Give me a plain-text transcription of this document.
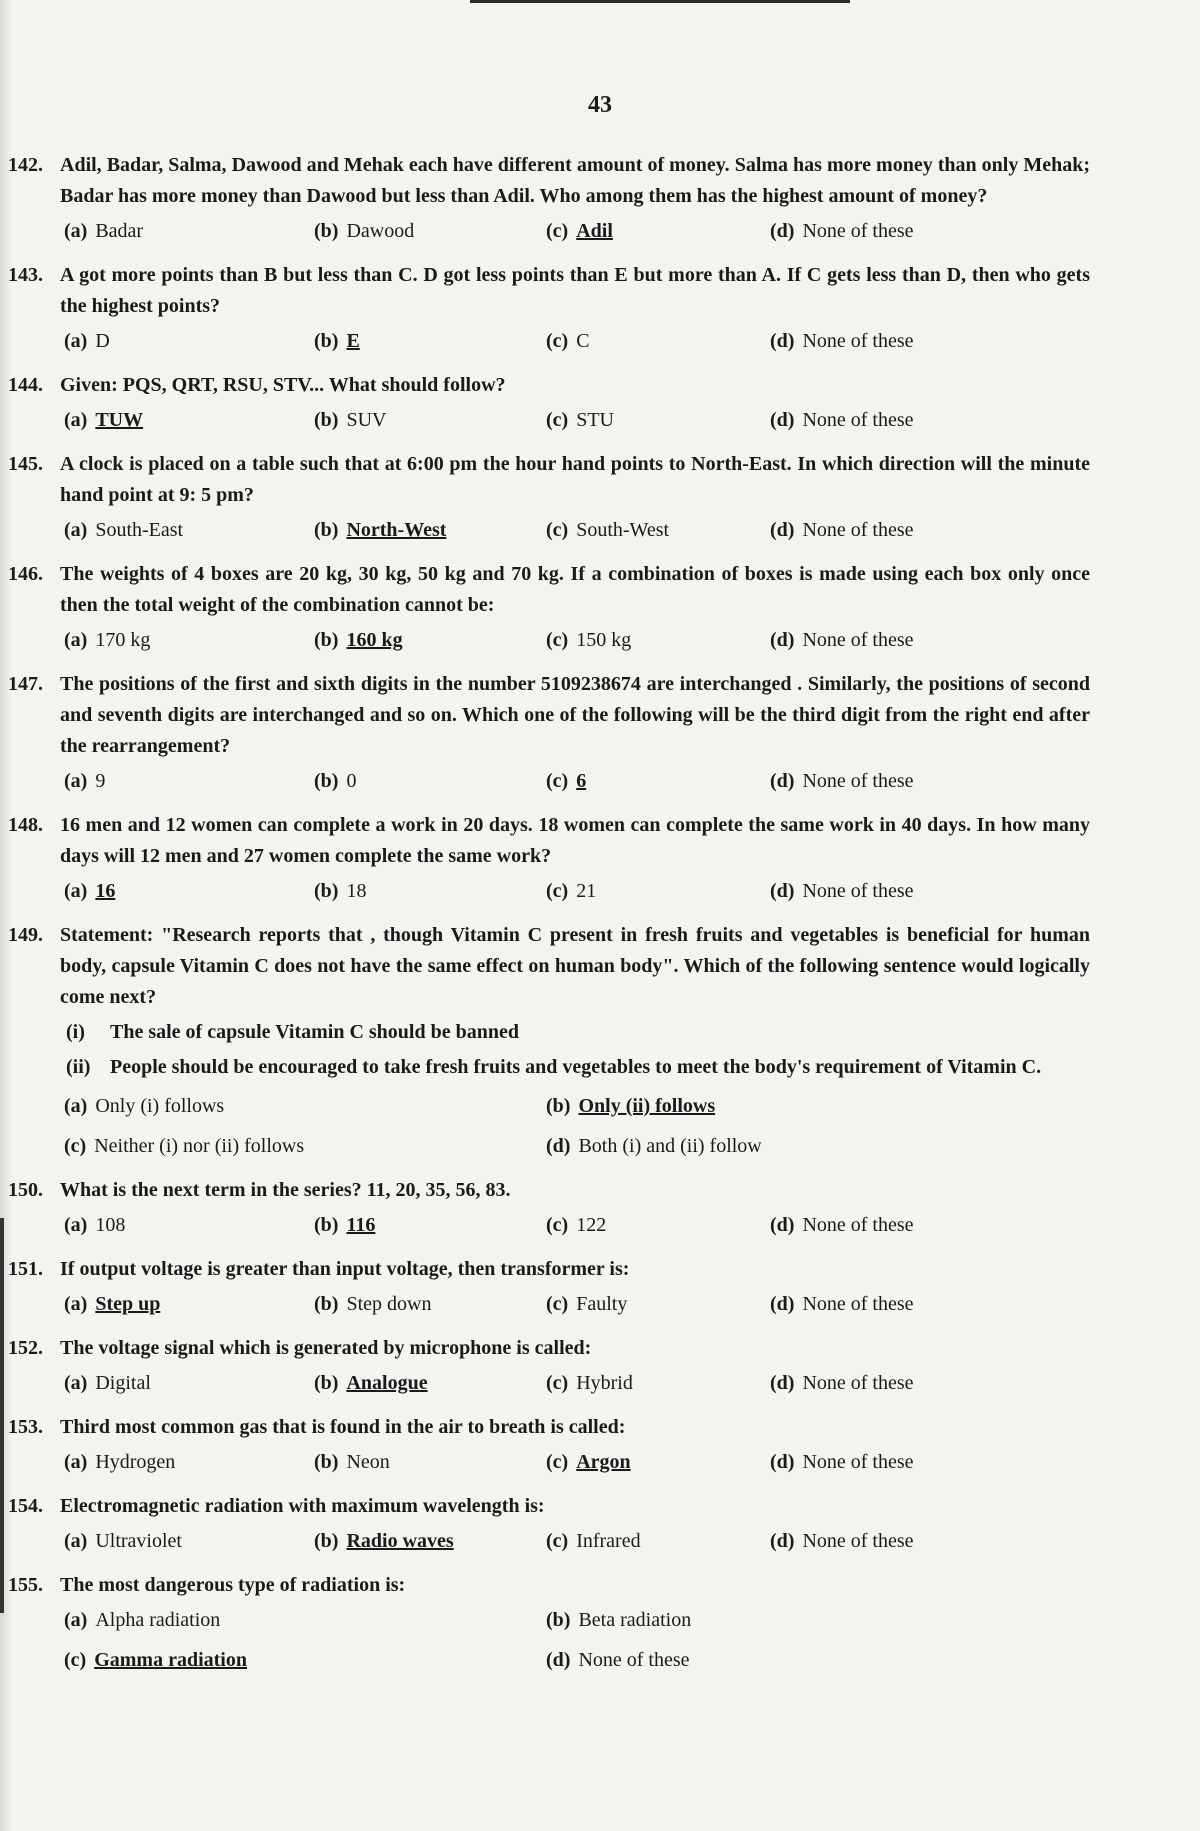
43
142. Adil, Badar, Salma, Dawood and Mehak each have different amount of money. Salma has more money than only Mehak; Badar has more money than Dawood but less than Adil. Who among them has the highest amount of money?
(a) Badar	(b) Dawood	(c) Adil	(d) None of these
143. A got more points than B but less than C. D got less points than E but more than A. If C gets less than D, then who gets the highest points?
(a) D	(b) E	(c) C	(d) None of these
144. Given: PQS, QRT, RSU, STV... What should follow?
(a) TUW	(b) SUV	(c) STU	(d) None of these
145. A clock is placed on a table such that at 6:00 pm the hour hand points to North-East. In which direction will the minute hand point at 9: 5 pm?
(a) South-East	(b) North-West	(c) South-West	(d) None of these
146. The weights of 4 boxes are 20 kg, 30 kg, 50 kg and 70 kg. If a combination of boxes is made using each box only once then the total weight of the combination cannot be:
(a) 170 kg	(b) 160 kg	(c) 150 kg	(d) None of these
147. The positions of the first and sixth digits in the number 5109238674 are interchanged . Similarly, the positions of second and seventh digits are interchanged and so on. Which one of the following will be the third digit from the right end after the rearrangement?
(a) 9	(b) 0	(c) 6	(d) None of these
148. 16 men and 12 women can complete a work in 20 days. 18 women can complete the same work in 40 days. In how many days will 12 men and 27 women complete the same work?
(a) 16	(b) 18	(c) 21	(d) None of these
149. Statement: "Research reports that , though Vitamin C present in fresh fruits and vegetables is beneficial for human body, capsule Vitamin C does not have the same effect on human body". Which of the following sentence would logically come next?
(i) The sale of capsule Vitamin C should be banned
(ii) People should be encouraged to take fresh fruits and vegetables to meet the body's requirement of Vitamin C.
(a) Only (i) follows	(b) Only (ii) follows
(c) Neither (i) nor (ii) follows	(d) Both (i) and (ii) follow
150. What is the next term in the series? 11, 20, 35, 56, 83.
(a) 108	(b) 116	(c) 122	(d) None of these
151. If output voltage is greater than input voltage, then transformer is:
(a) Step up	(b) Step down	(c) Faulty	(d) None of these
152. The voltage signal which is generated by microphone is called:
(a) Digital	(b) Analogue	(c) Hybrid	(d) None of these
153. Third most common gas that is found in the air to breath is called:
(a) Hydrogen	(b) Neon	(c) Argon	(d) None of these
154. Electromagnetic radiation with maximum wavelength is:
(a) Ultraviolet	(b) Radio waves	(c) Infrared	(d) None of these
155. The most dangerous type of radiation is:
(a) Alpha radiation	(b) Beta radiation
(c) Gamma radiation	(d) None of these
